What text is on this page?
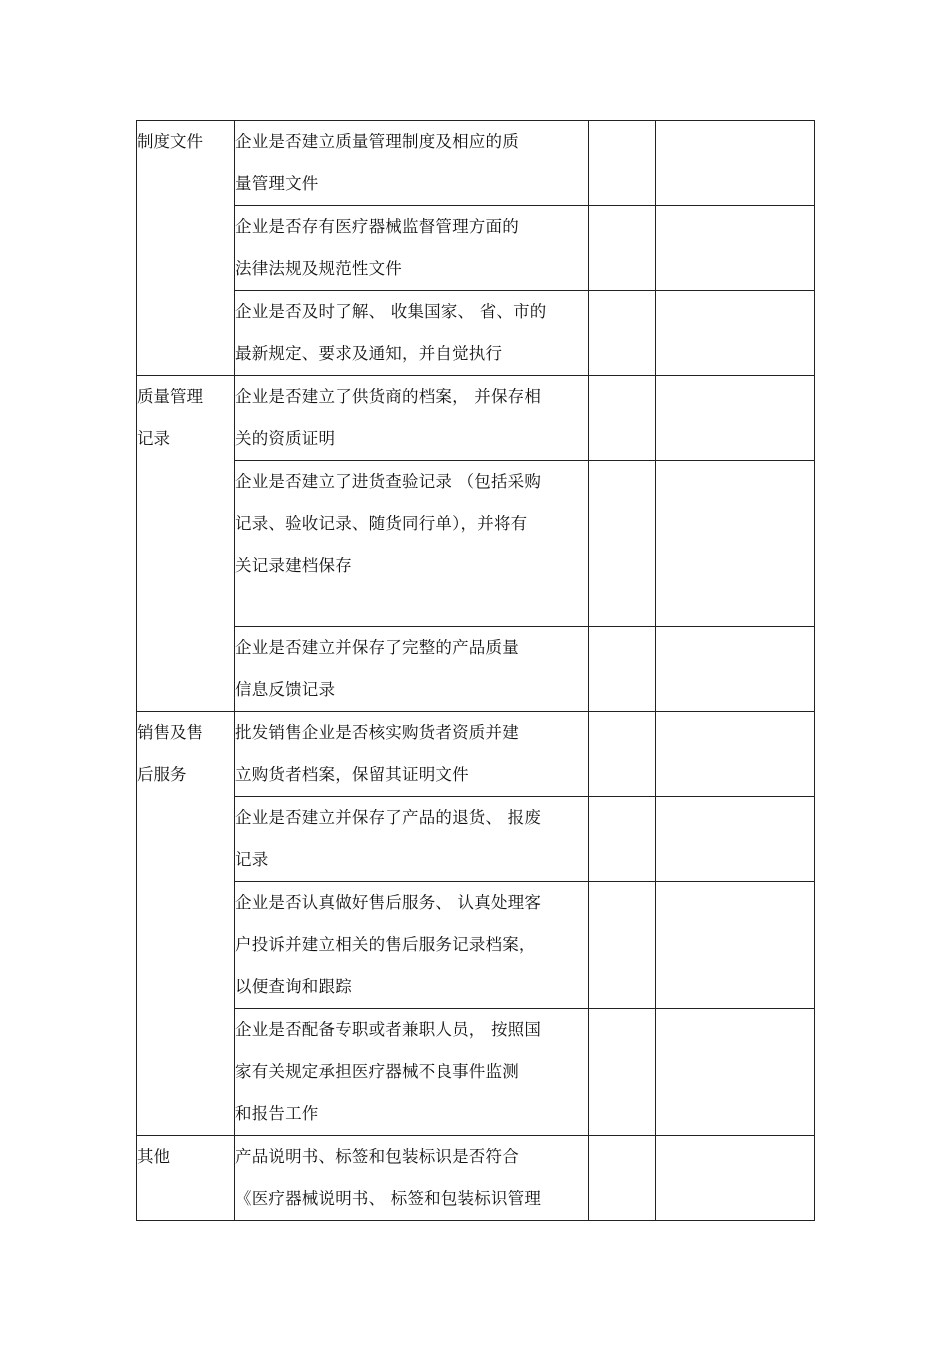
制度文件	企业是否建立质量管理制度及相应的质
量管理文件		

	企业是否存有医疗器械监督管理方面的
法律法规及规范性文件		

	企业是否及时了解、 收集国家、 省、市的
最新规定、要求及通知，并自觉执行		

质量管理
记录	企业是否建立了供货商的档案， 并保存相
关的资质证明		

	企业是否建立了进货查验记录 （包括采购
记录、验收记录、随货同行单），并将有
关记录建档保存		

	企业是否建立并保存了完整的产品质量
信息反馈记录		

销售及售
后服务	批发销售企业是否核实购货者资质并建
立购货者档案，保留其证明文件		

	企业是否建立并保存了产品的退货、 报废
记录		

	企业是否认真做好售后服务、 认真处理客
户投诉并建立相关的售后服务记录档案，
以便查询和跟踪		

	企业是否配备专职或者兼职人员， 按照国
家有关规定承担医疗器械不良事件监测
和报告工作		

其他	产品说明书、标签和包装标识是否符合
《医疗器械说明书、 标签和包装标识管理		
